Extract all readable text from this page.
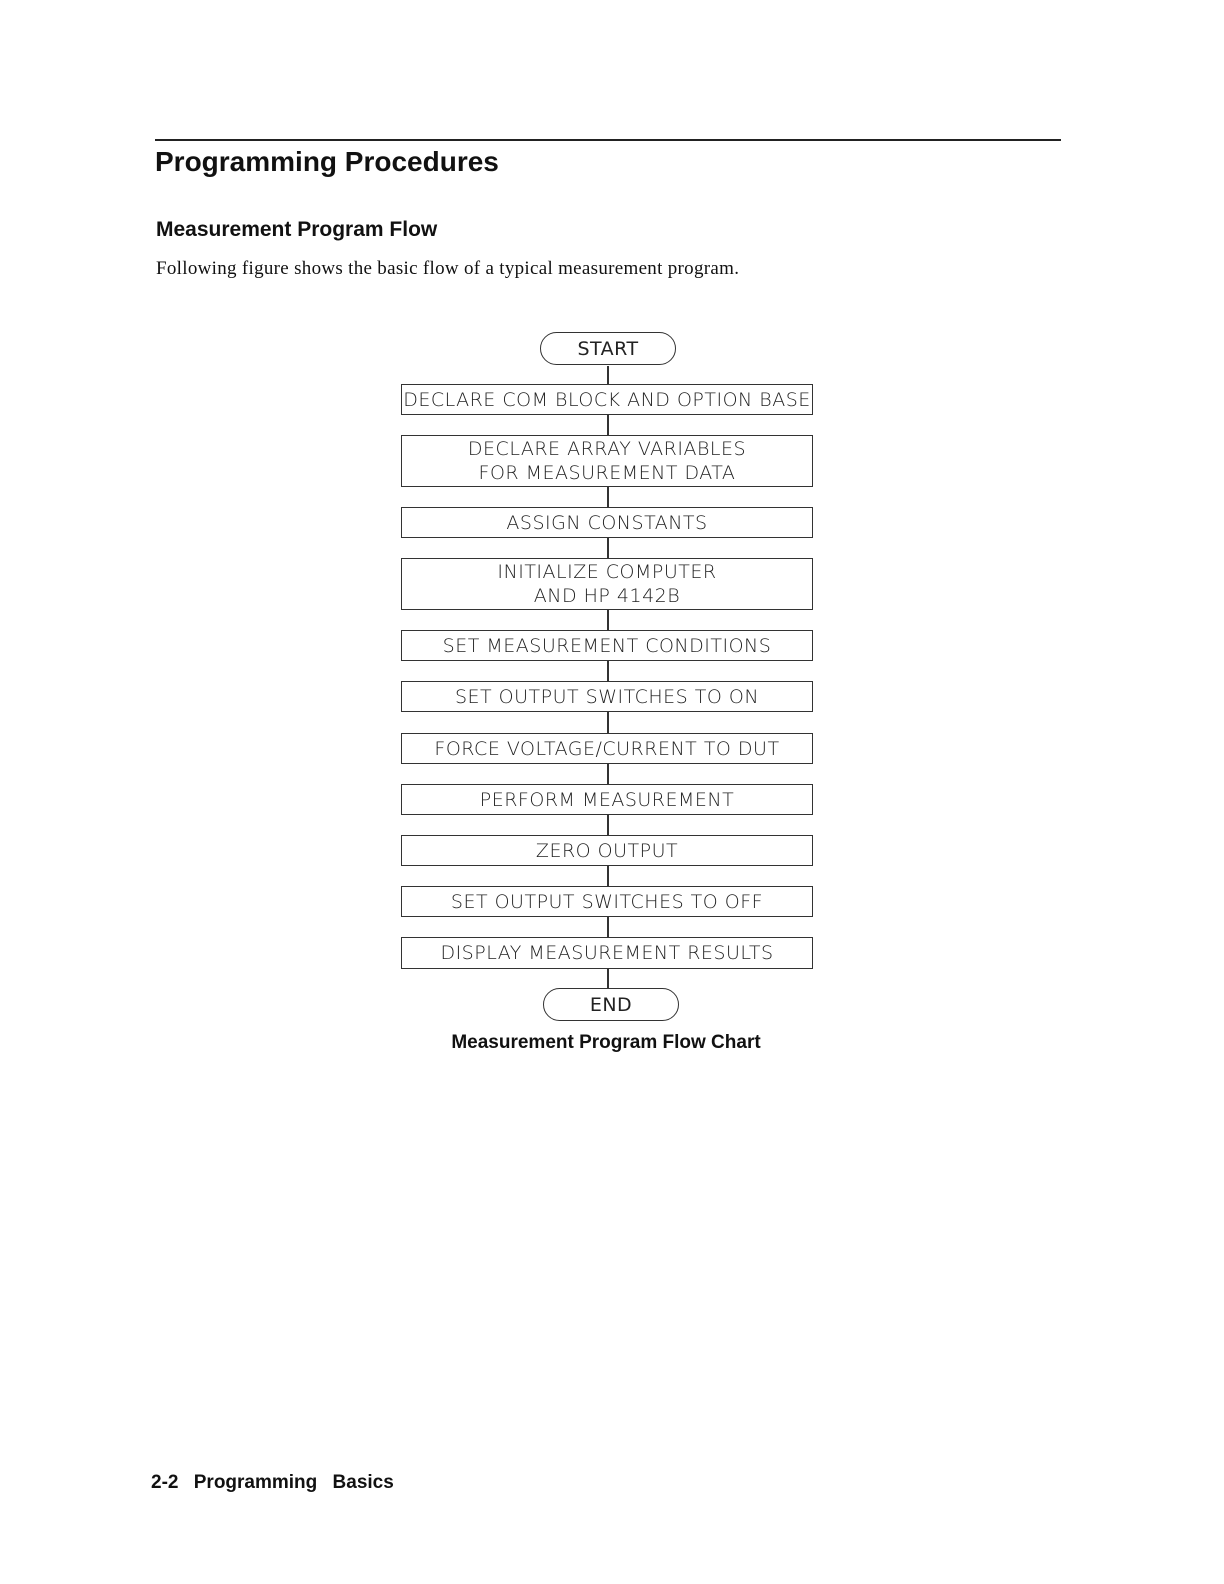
Programming Procedures
Measurement Program Flow
Following figure shows the basic flow of a typical measurement program.
START
DECLARE COM BLOCK AND OPTION BASE
DECLARE ARRAY VARIABLES
FOR MEASUREMENT DATA
ASSIGN CONSTANTS
INITIALIZE COMPUTER
AND HP 4142B
SET MEASUREMENT CONDITIONS
SET OUTPUT SWITCHES TO ON
FORCE VOLTAGE/CURRENT TO DUT
PERFORM MEASUREMENT
ZERO OUTPUT
SET OUTPUT SWITCHES TO OFF
DISPLAY MEASUREMENT RESULTS
END
Measurement Program Flow Chart
2-2 Programming Basics
